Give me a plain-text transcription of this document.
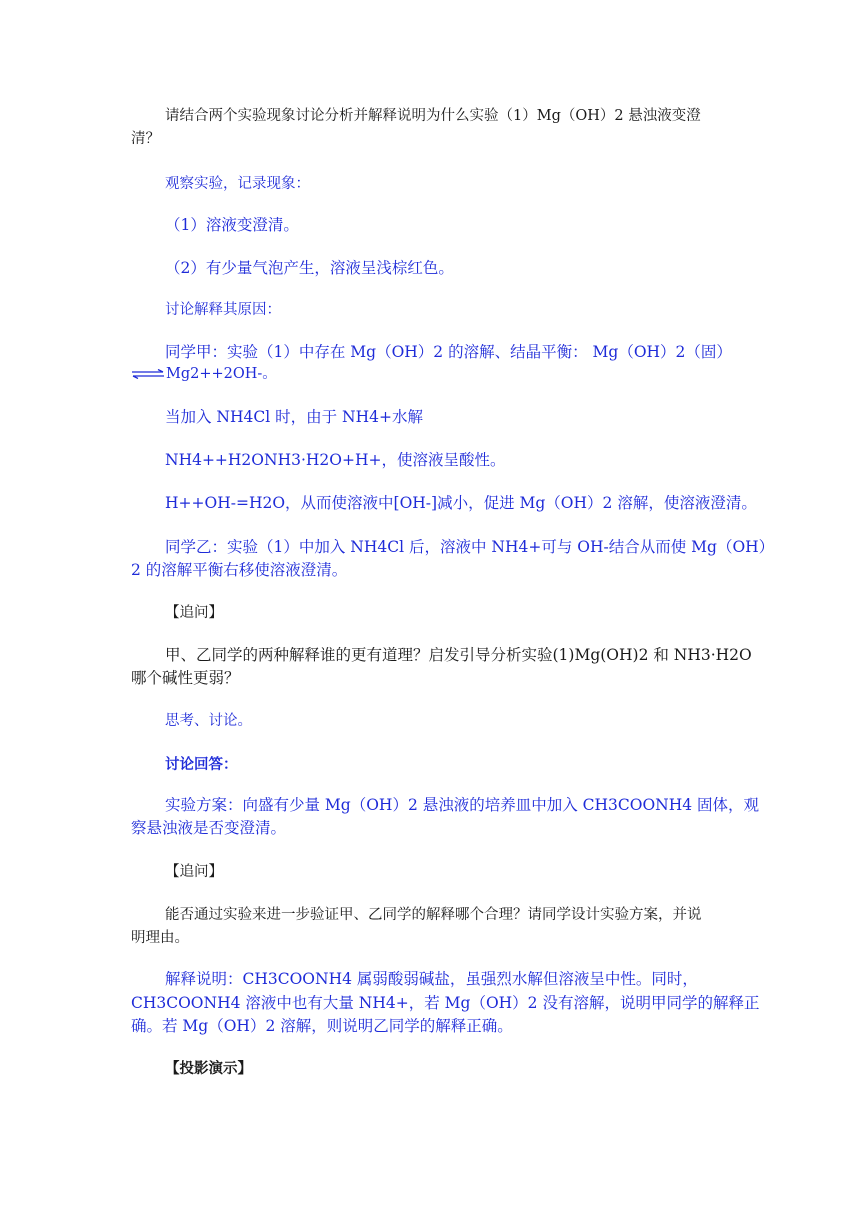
请结合两个实验现象讨论分析并解释说明为什么实验（1）Mg（OH）2 悬浊液变澄
清？
观察实验，记录现象：
（1）溶液变澄清。
（2）有少量气泡产生，溶液呈浅棕红色。
讨论解释其原因：
同学甲：实验（1）中存在 Mg（OH）2 的溶解、结晶平衡： Mg（OH）2（固）
⇌Mg2++2OH-。
当加入 NH4Cl 时，由于 NH4+水解
NH4++H2ONH3·H2O+H+，使溶液呈酸性。
H++OH-=H2O，从而使溶液中[OH-]减小，促进 Mg（OH）2 溶解，使溶液澄清。
同学乙：实验（1）中加入 NH4Cl 后，溶液中 NH4+可与 OH-结合从而使 Mg（OH）
2 的溶解平衡右移使溶液澄清。
【追问】
甲、乙同学的两种解释谁的更有道理？启发引导分析实验(1)Mg(OH)2 和 NH3·H2O
哪个碱性更弱？
思考、讨论。
讨论回答：
实验方案：向盛有少量 Mg（OH）2 悬浊液的培养皿中加入 CH3COONH4 固体，观
察悬浊液是否变澄清。
【追问】
能否通过实验来进一步验证甲、乙同学的解释哪个合理？请同学设计实验方案，并说
明理由。
解释说明：CH3COONH4 属弱酸弱碱盐，虽强烈水解但溶液呈中性。同时，
CH3COONH4 溶液中也有大量 NH4+，若 Mg（OH）2 没有溶解，说明甲同学的解释正
确。若 Mg（OH）2 溶解，则说明乙同学的解释正确。
【投影演示】
